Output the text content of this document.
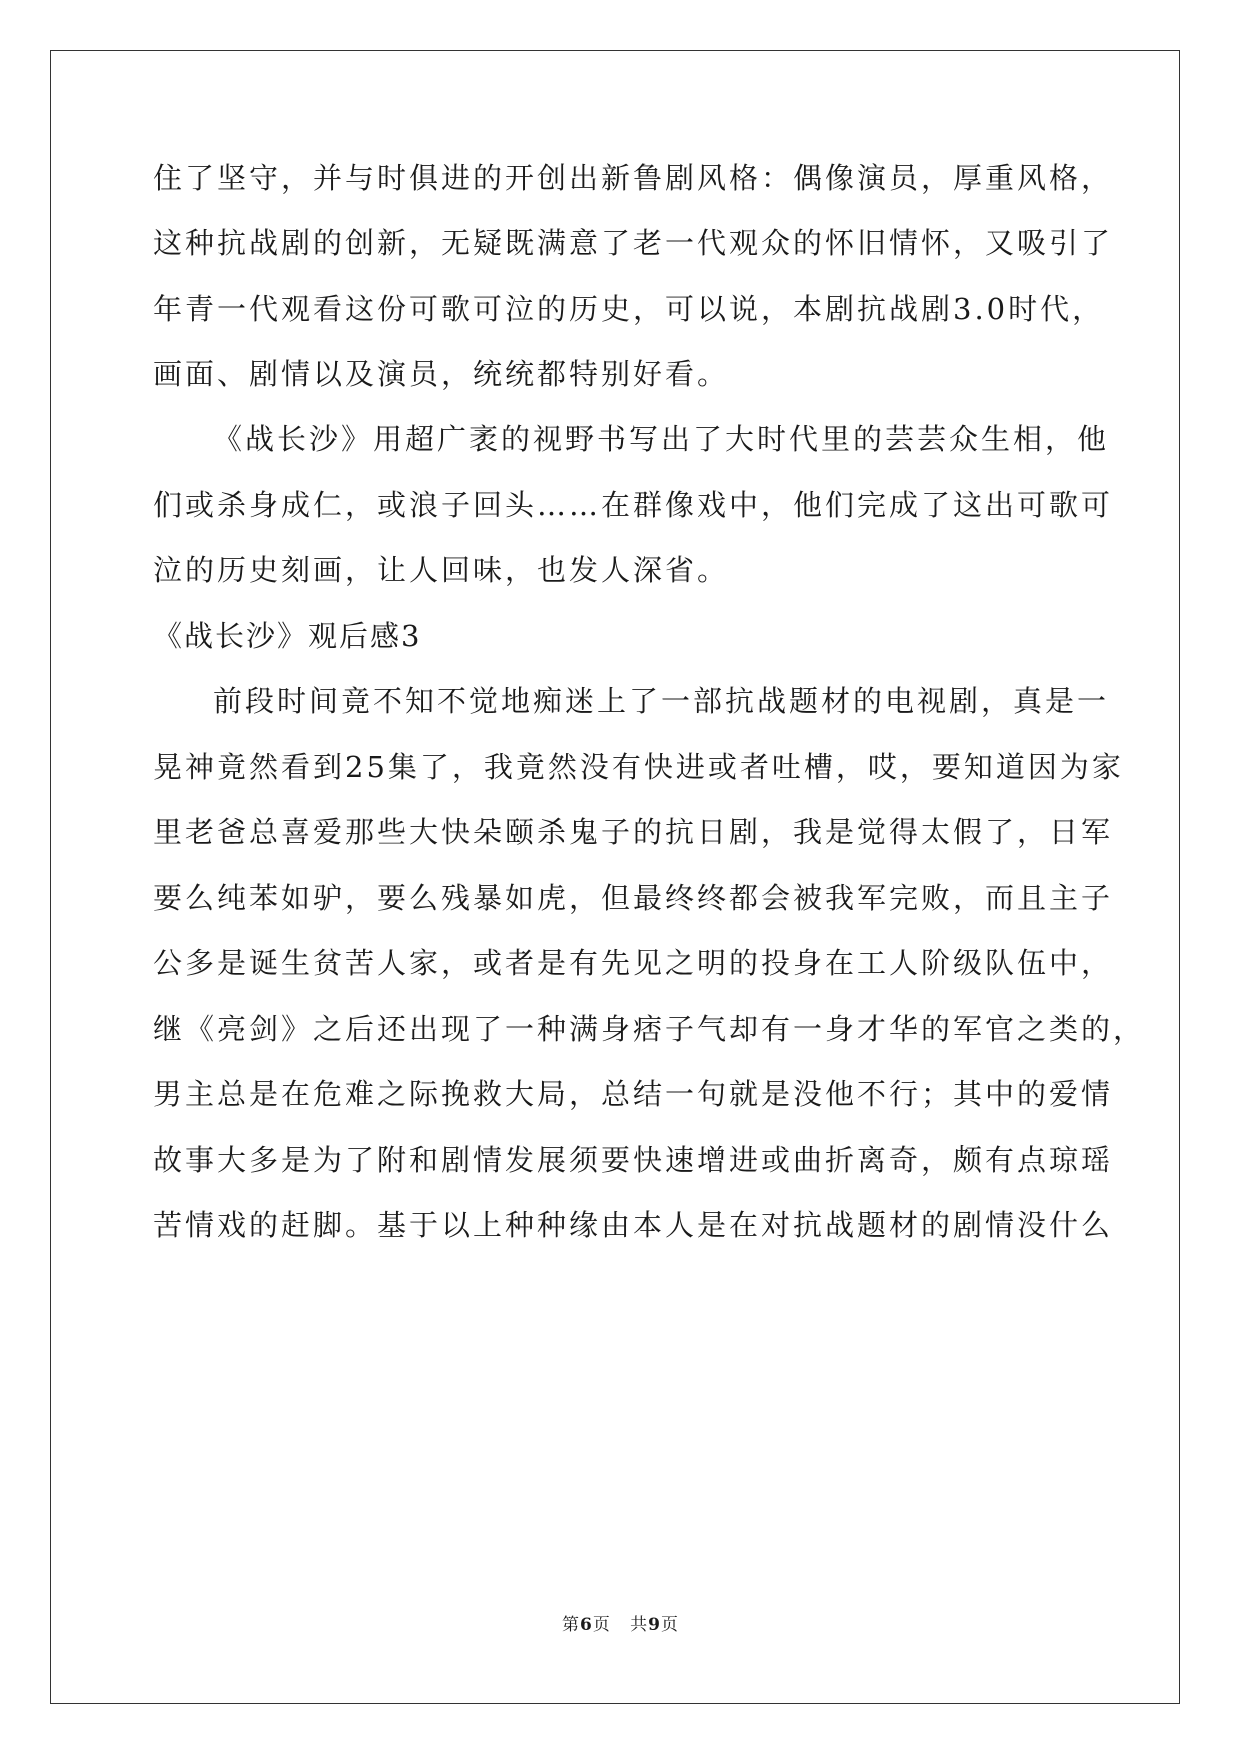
住了坚守，并与时俱进的开创出新鲁剧风格：偶像演员，厚重风格，
这种抗战剧的创新，无疑既满意了老一代观众的怀旧情怀，又吸引了
年青一代观看这份可歌可泣的历史，可以说，本剧抗战剧3.0时代，
画面、剧情以及演员，统统都特别好看。
《战长沙》用超广袤的视野书写出了大时代里的芸芸众生相，他
们或杀身成仁，或浪子回头……在群像戏中，他们完成了这出可歌可
泣的历史刻画，让人回味，也发人深省。
《战长沙》观后感3
前段时间竟不知不觉地痴迷上了一部抗战题材的电视剧，真是一
晃神竟然看到25集了，我竟然没有快进或者吐槽，哎，要知道因为家
里老爸总喜爱那些大快朵颐杀鬼子的抗日剧，我是觉得太假了，日军
要么纯苯如驴，要么残暴如虎，但最终终都会被我军完败，而且主子
公多是诞生贫苦人家，或者是有先见之明的投身在工人阶级队伍中，
继《亮剑》之后还出现了一种满身痞子气却有一身才华的军官之类的，
男主总是在危难之际挽救大局，总结一句就是没他不行；其中的爱情
故事大多是为了附和剧情发展须要快速增进或曲折离奇，颇有点琼瑶
苦情戏的赶脚。基于以上种种缘由本人是在对抗战题材的剧情没什么
第6页 共9页
